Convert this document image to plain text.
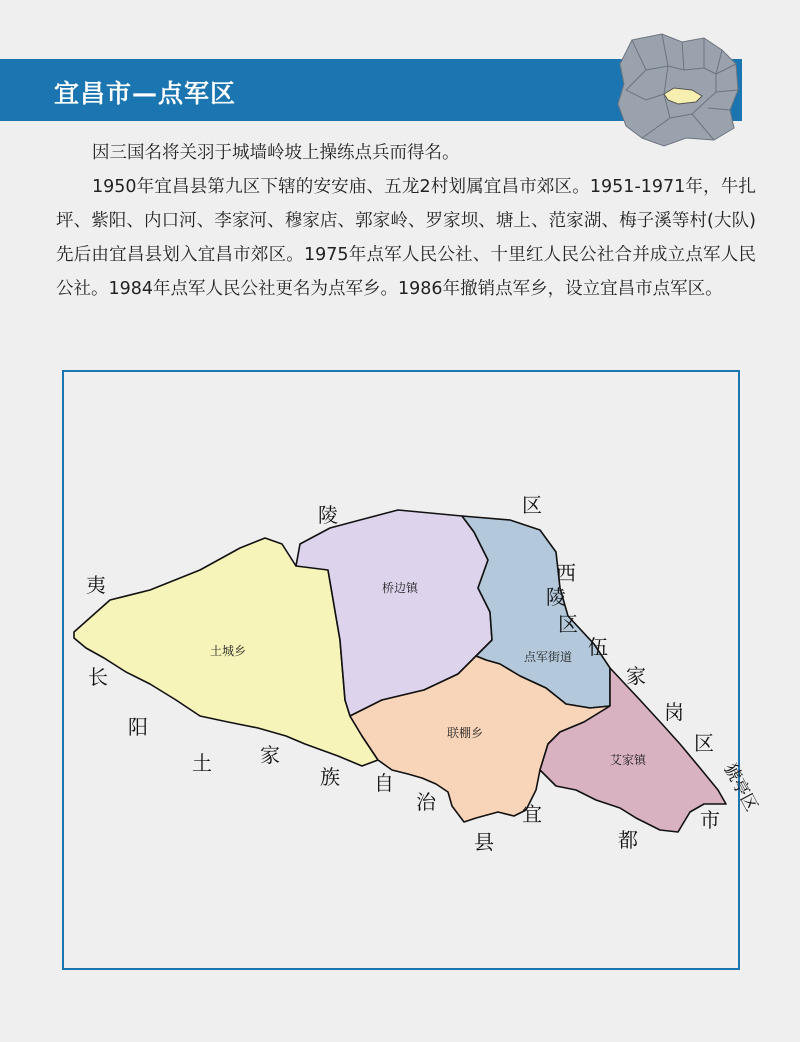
宜昌市—点军区

因三国名将关羽于城墙岭坡上操练点兵而得名。

1950年宜昌县第九区下辖的安安庙、五龙2村划属宜昌市郊区。1951-1971年，牛扎坪、紫阳、内口河、李家河、穆家店、郭家岭、罗家坝、塘上、范家湖、梅子溪等村(大队)先后由宜昌县划入宜昌市郊区。1975年点军人民公社、十里红人民公社合并成立点军人民公社。1984年点军人民公社更名为点军乡。1986年撤销点军乡，设立宜昌市点军区。

土城乡
桥边镇
点军街道
联棚乡
艾家镇
陵	区
西
陵
区
伍
家
岗
区
猇亭区
夷
长
阳
土 家
族 自
治
县
宜
都
市
